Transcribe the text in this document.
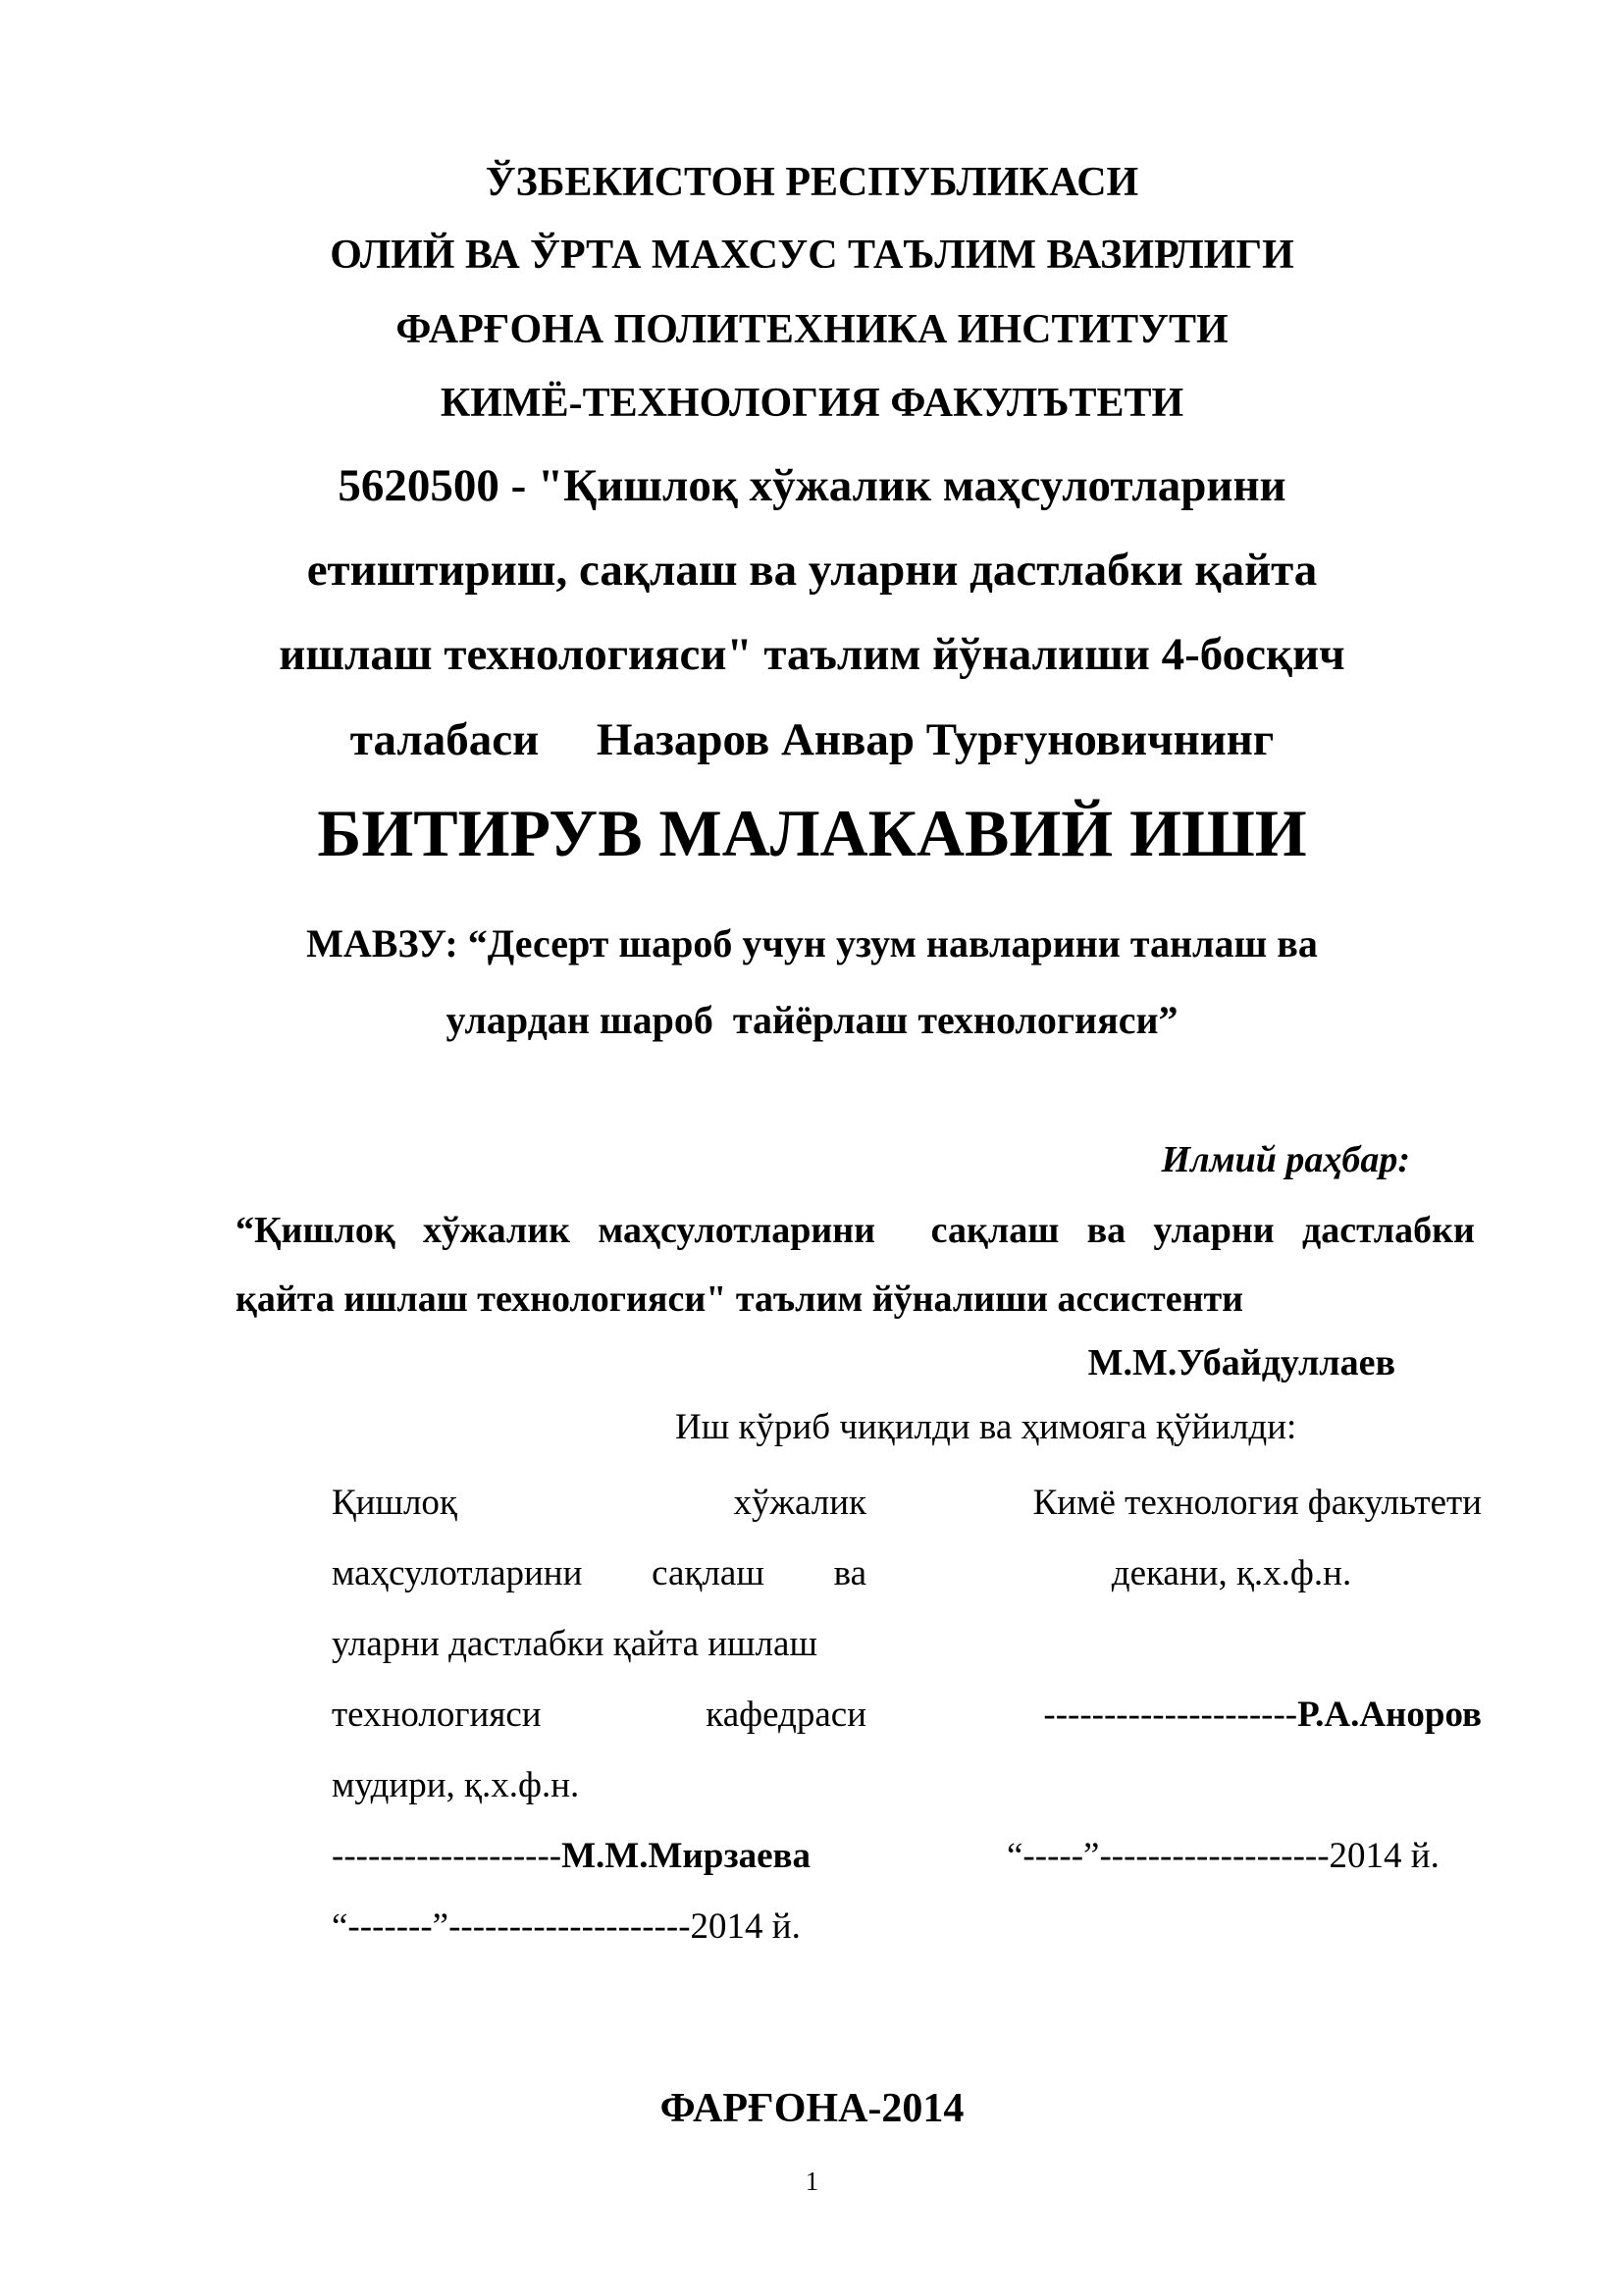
ЎЗБЕКИСТОН РЕСПУБЛИКАСИ
ОЛИЙ ВА ЎРТА МАХСУС ТАЪЛИМ ВАЗИРЛИГИ
ФАРҒОНА ПОЛИТЕХНИКА ИНСТИТУТИ
КИМЁ-ТЕХНОЛОГИЯ ФАКУЛЪТЕТИ
5620500 - "Қишлоқ хўжалик маҳсулотларини
етиштириш, сақлаш ва уларни дастлабки қайта
ишлаш технологияси" таълим йўналиши 4-босқич
талабаси     Назаров Анвар Турғуновичнинг
БИТИРУВ МАЛАКАВИЙ ИШИ
МАВЗУ: “Десерт шароб учун узум навларини танлаш ва
улардан шароб  тайёрлаш технологияси”
Илмий раҳбар:
“Қишлоқ хўжалик маҳсулотларини сақлаш ва уларни дастлабки
қайта ишлаш технологияси" таълим йўналиши ассистенти
М.М.Убайдуллаев
Иш кўриб чиқилди ва ҳимояга қўйилди:
Қишлоқ	хўжалик
маҳсулотларини сақлаш ва
уларни дастлабки қайта ишлаш
технологияси	кафедраси
мудири, қ.х.ф.н.
-------------------М.М.Мирзаева
“-------”--------------------2014 й.
Кимё технология факультети
декани, қ.х.ф.н.
---------------------Р.А.Аноров
“-----”-------------------2014 й.
ФАРҒОНА-2014
1
